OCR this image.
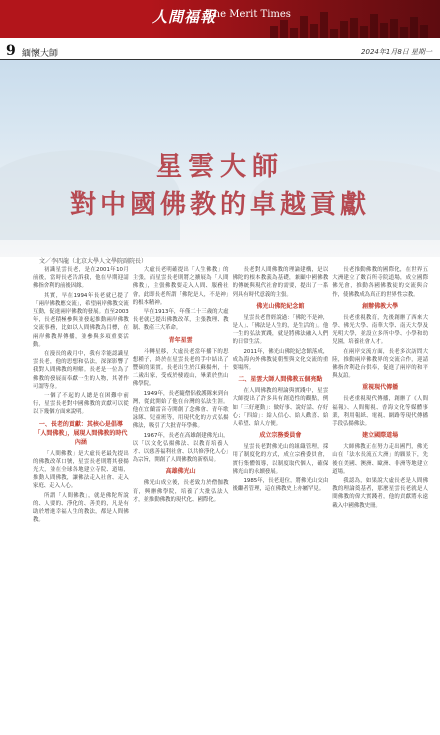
人間福報
The Merit Times
9 緬懷大師	2024年1月8日 星期一
星雲大師
對中國佛教的卓越貢獻
文／李四龍（北京大學人文學院副院長）
初識星雲長老，是在2001年10月前後，當時長老告訴我，他在早期迎請佛指舍利的前後因緣。
其實，早在1994年長老就已提了「兩岸佛教應交流」，希望兩岸佛教交流互動，促進兩岸佛教的發展。直至2003年，長老積極參與並發起推動兩岸佛教交流事務，比如以人間佛教為目標，在兩岸佛教界傳播，並參與多項重要活動。
在漫長的歲月中，我有幸能認識星雲長老，他的思想和弘法，深深影響了我對人間佛教的理解。長老是一位為了佛教的發展而奉獻一生的人物，其著作可謂等身。
一個了不起的人總是在困難中前行，星雲長老對中國佛教的貢獻可以從以下幾個方面來說明。
一、長老的貢獻：其核心是倡導「人間佛教」，展現人間佛教的時代內涵
「人間佛教」是大虛長老最先提出的佛教改革口號，星雲長老則將其發揚光大，並在全球各地建立寺院、道場，推動人間佛教，讓佛法走入社會、走入家庭、走入人心。
所謂「人間佛教」，就是佛陀所說的、人要的、淨化的、善美的，凡是有助於增進幸福人生的教法，都是人間佛教。
大虛長老明確提出「人生佛教」的主張，而星雲長老則將之擴展為「人間佛教」，主張佛教要走入人間、服務社會，此即長老所謂「佛陀是人，不是神」的根本精神。
早在1913年，年僅二十三歲的大虛長老就已提出佛教改革，主張教理、教制、教產三大革命。
青年星雲
斗轉星移，大虛長老當年播下的思想種子，終於在星雲長老的手中結出了豐碩的果實。長老出生於江蘇揚州，十二歲出家，受戒於棲霞山，畢業於焦山佛學院。
1949年，長老隨僧侶救護隊來到台灣，從此開始了他在台灣的弘法生涯。他在宜蘭雷音寺開創了念佛會、青年歌詠隊、兒童班等，用現代化的方式弘揚佛法，吸引了大批青年學佛。
1967年，長老在高雄創建佛光山，以「以文化弘揚佛法、以教育培養人才、以慈善福利社會、以共修淨化人心」為宗旨，開創了人間佛教的新格局。
高雄佛光山
佛光山成立後，長老致力於僧伽教育，興辦佛學院，培養了大批弘法人才，並推動佛教的現代化、國際化。
長老對人間佛教的理論建構，是以佛陀的根本教義為基礎，兼顧中國佛教的傳統與現代社會的需要，提出了一系列具有時代意義的主張。
佛光山佛陀紀念館
星雲長老曾經說過：「佛陀不是神，是人」、「佛法是人生的，是生活的」。他一生的弘法實踐，就是將佛法融入人們的日常生活。
2011年，佛光山佛陀紀念館落成，成為海內外佛教徒朝聖與文化交流的重要場所。
二、星雲大師人間佛教五個亮點
在人間佛教的理論與實踐中，星雲大師提出了許多具有創造性的觀點，例如「三好運動」：做好事、說好話、存好心；「四給」：給人信心、給人歡喜、給人希望、給人方便。
成立宗務委員會
星雲長老對佛光山的組織管理，採用了制度化的方式，成立宗務委員會，實行集體領導，以制度取代個人，確保佛光山的永續發展。
1985年，長老退位，將佛光山交由後繼者管理，這在佛教史上亦屬罕見。
長老推動佛教的國際化，在世界五大洲建立了數百所寺院道場，成立國際佛光會，推動各國佛教徒的交流與合作，使佛教成為真正的世界性宗教。
創辦佛教大學
長老重視教育，先後創辦了西來大學、佛光大學、南華大學、南天大學及光明大學，並設立多所中學、小學和幼兒園，培養社會人才。
在兩岸交流方面，長老多次訪問大陸，推動兩岸佛教界的交流合作，迎請佛指舍利赴台供奉，促進了兩岸的和平與友誼。
重視現代傳播
長老重視現代傳播，創辦了《人間福報》、人間衛視、香海文化等媒體事業，利用報紙、電視、網路等現代傳播手段弘揚佛法。
建立國際道場
大師佛教正在努力走出國門，佛光山在「法水長流五大洲」的願景下，先後在美國、澳洲、歐洲、非洲等地建立道場。
我認為，如果說大虛長老是人間佛教的理論奠基者，那麼星雲長老就是人間佛教的偉大實踐者，他的貢獻將永遠載入中國佛教史冊。
